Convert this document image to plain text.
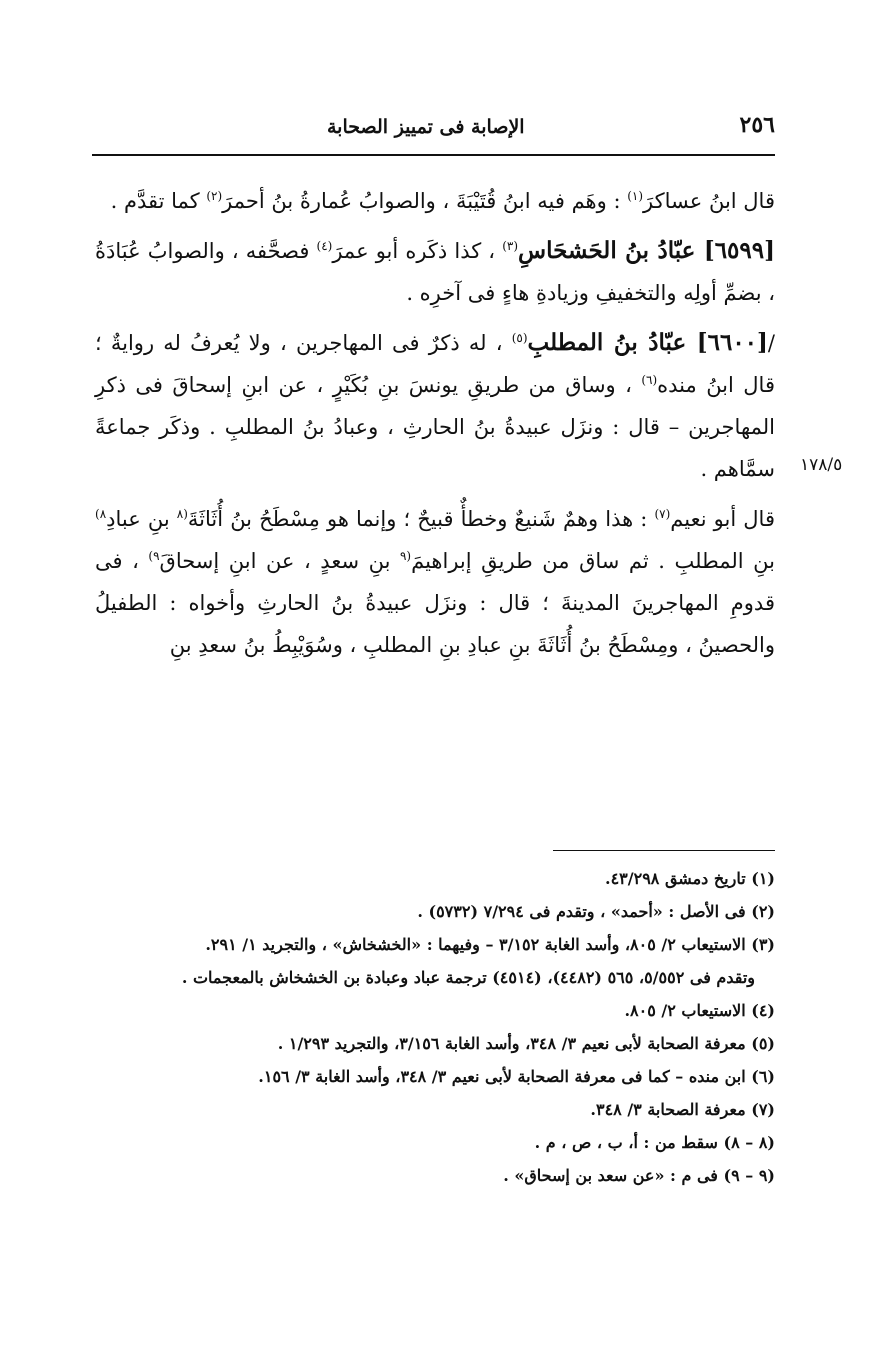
٢٥٦
الإصابة فى تمييز الصحابة
١٧٨/٥

قال ابنُ عساكرَ$^{(١)}$ : وهَم فيه ابنُ قُتَيْبَةَ ، والصوابُ عُمارةُ بنُ أحمرَ$^{(٢)}$ كما تقدَّم .

[٦٥٩٩] عبّادُ بنُ الحَشحَاسِ$^{(٣)}$ ، كذا ذكَره أبو عمرَ$^{(٤)}$ فصحَّفه ، والصوابُ عُبَادَةُ ، بضمِّ أولِه والتخفيفِ وزيادةِ هاءٍ فى آخرِه .

/[٦٦٠٠] عبّادُ بنُ المطلبِ$^{(٥)}$ ، له ذكرٌ فى المهاجرين ، ولا يُعرفُ له روايةٌ ؛ قال ابنُ منده$^{(٦)}$ ، وساق من طريقِ يونسَ بنِ بُكَيْرٍ ، عن ابنِ إسحاقَ فى ذكرِ المهاجرين – قال : ونزَل عبيدةُ بنُ الحارثِ ، وعبادُ بنُ المطلبِ . وذكَر جماعةً سمَّاهم .

قال أبو نعيم$^{(٧)}$ : هذا وهمٌ شَنيعٌ وخطأٌ قبيحٌ ؛ وإنما هو مِسْطَحُ بنُ أُثَاثَةَ$^{(٨}$ بنِ عبادِ$^{٨)}$ بنِ المطلبِ . ثم ساق من طريقِ إبراهيمَ$^{(٩}$ بنِ سعدٍ ، عن ابنِ إسحاقَ$^{٩)}$ ، فى قدومِ المهاجرينَ المدينةَ ؛ قال : ونزَل عبيدةُ بنُ الحارثِ وأخواه : الطفيلُ والحصينُ ، ومِسْطَحُ بنُ أُثَاثَةَ بنِ عبادِ بنِ المطلبِ ، وسُوَيْبِطُ بنُ سعدِ بنِ

(١) تاريخ دمشق ٤٣/٢٩٨.

(٢) فى الأصل : «أحمد» ، وتقدم فى ٧/٢٩٤ (٥٧٣٢) .

(٣) الاستيعاب ٢/ ٨٠٥، وأسد الغابة ٣/١٥٢ – وفيهما : «الخشخاش» ، والتجريد ١/ ٢٩١.

وتقدم فى ٥/٥٥٢، ٥٦٥ (٤٤٨٢)، (٤٥١٤) ترجمة عباد وعبادة بن الخشخاش بالمعجمات .

(٤) الاستيعاب ٢/ ٨٠٥.

(٥) معرفة الصحابة لأبى نعيم ٣/ ٣٤٨، وأسد الغابة ٣/١٥٦، والتجريد ١/٢٩٣ .

(٦) ابن منده – كما فى معرفة الصحابة لأبى نعيم ٣/ ٣٤٨، وأسد الغابة ٣/ ١٥٦.

(٧) معرفة الصحابة ٣/ ٣٤٨.

(٨ – ٨) سقط من : أ، ب ، ص ، م .

(٩ – ٩) فى م : «عن سعد بن إسحاق» .
